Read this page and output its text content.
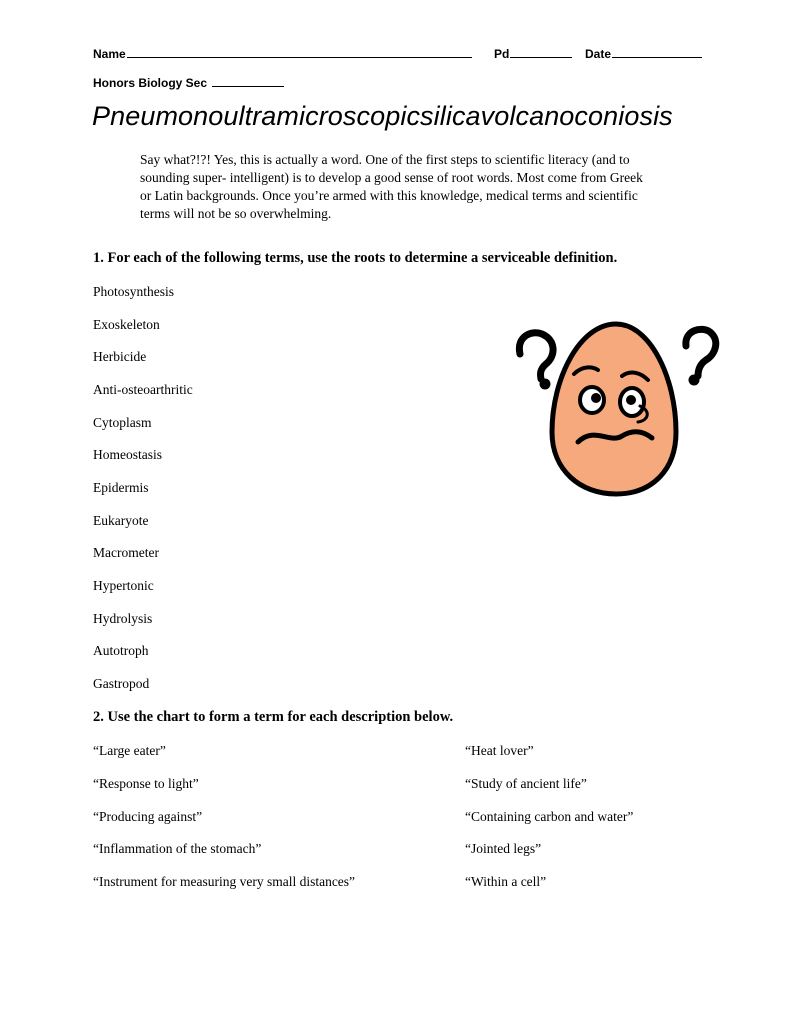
Name	Pd	Date
Honors Biology Sec
Pneumonoultramicroscopicsilicavolcanoconiosis
Say what?!?! Yes, this is actually a word. One of the first steps to scientific literacy (and to
sounding super- intelligent) is to develop a good sense of root words. Most come from Greek
or Latin backgrounds. Once you’re armed with this knowledge, medical terms and scientific
terms will not be so overwhelming.
1. For each of the following terms, use the roots to determine a serviceable definition.
Photosynthesis
Exoskeleton
Herbicide
Anti-osteoarthritic
Cytoplasm
Homeostasis
Epidermis
Eukaryote
Macrometer
Hypertonic
Hydrolysis
Autotroph
Gastropod
2. Use the chart to form a term for each description below.
“Large eater”
“Response to light”
“Producing against”
“Inflammation of the stomach”
“Instrument for measuring very small distances”
“Heat lover”
“Study of ancient life”
“Containing carbon and water”
“Jointed legs”
“Within a cell”
